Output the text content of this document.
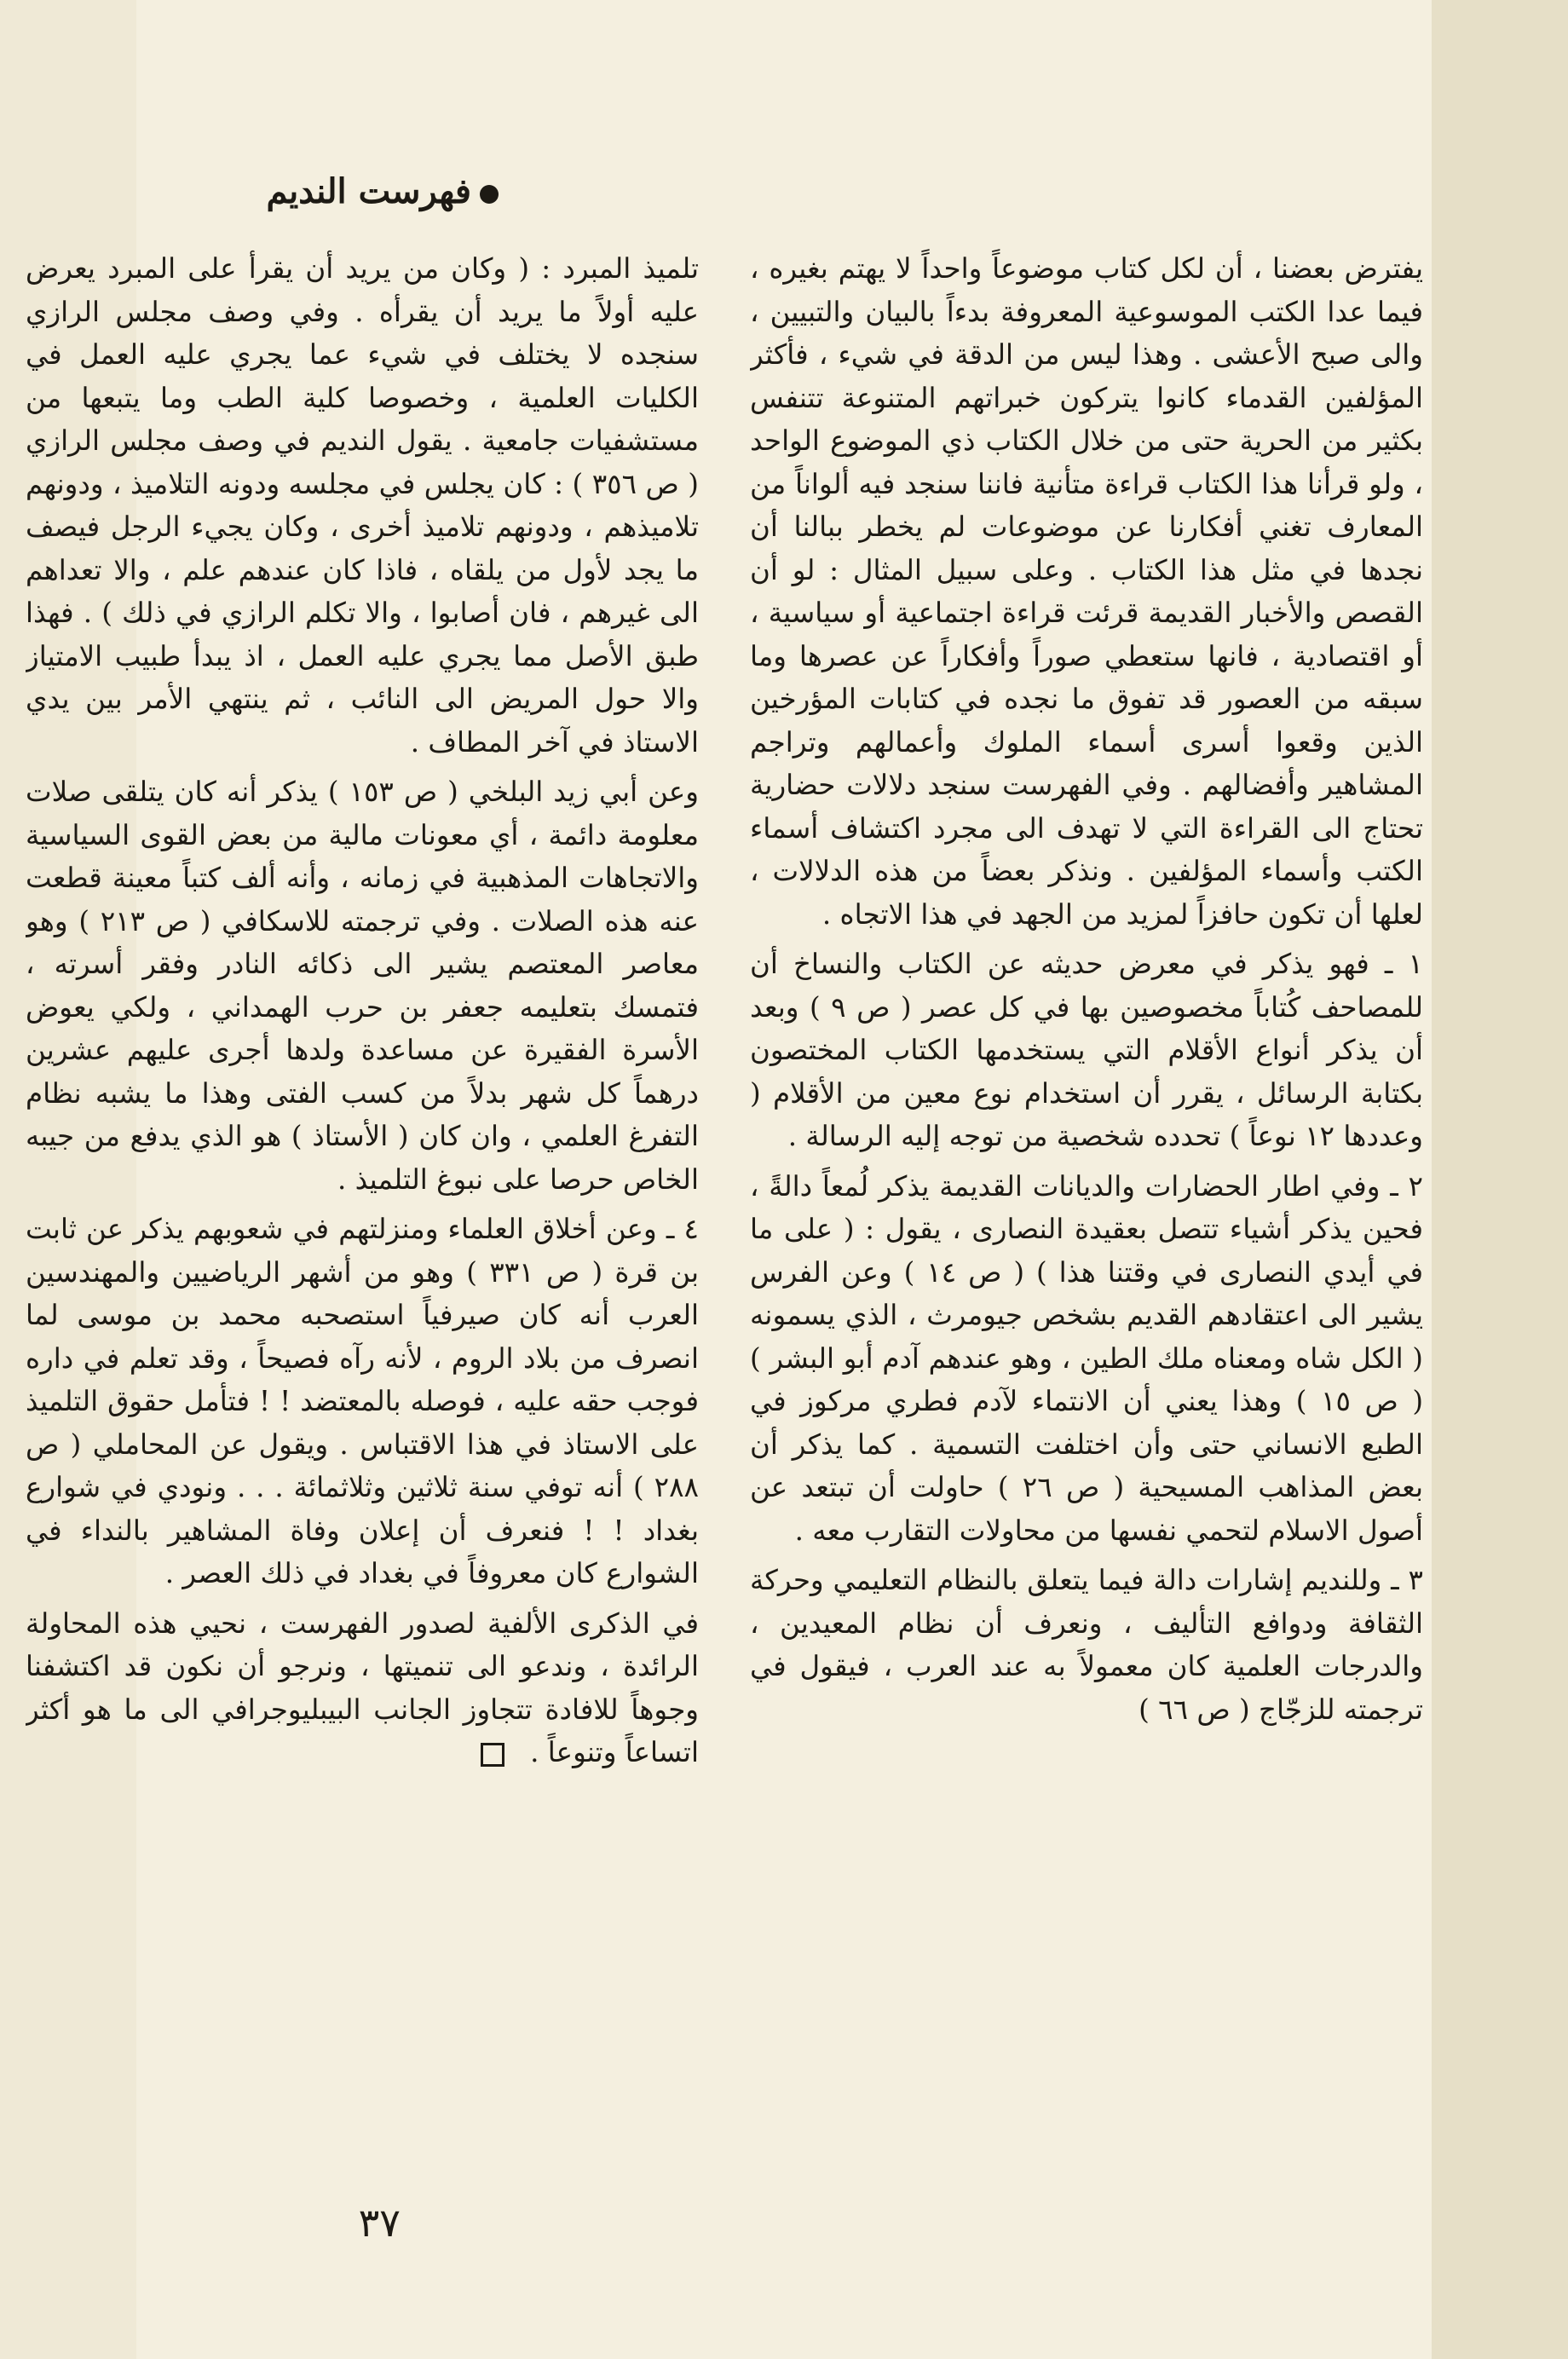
فهرست النديم

يفترض بعضنا ، أن لكل كتاب موضوعاً واحداً لا يهتم بغيره ، فيما عدا الكتب الموسوعية المعروفة بدءاً بالبيان والتبيين ، والى صبح الأعشى . وهذا ليس من الدقة في شيء ، فأكثر المؤلفين القدماء كانوا يتركون خبراتهم المتنوعة تتنفس بكثير من الحرية حتى من خلال الكتاب ذي الموضوع الواحد ، ولو قرأنا هذا الكتاب قراءة متأنية فاننا سنجد فيه ألواناً من المعارف تغني أفكارنا عن موضوعات لم يخطر ببالنا أن نجدها في مثل هذا الكتاب . وعلى سبيل المثال : لو أن القصص والأخبار القديمة قرئت قراءة اجتماعية أو سياسية ، أو اقتصادية ، فانها ستعطي صوراً وأفكاراً عن عصرها وما سبقه من العصور قد تفوق ما نجده في كتابات المؤرخين الذين وقعوا أسرى أسماء الملوك وأعمالهم وتراجم المشاهير وأفضالهم . وفي الفهرست سنجد دلالات حضارية تحتاج الى القراءة التي لا تهدف الى مجرد اكتشاف أسماء الكتب وأسماء المؤلفين . ونذكر بعضاً من هذه الدلالات ، لعلها أن تكون حافزاً لمزيد من الجهد في هذا الاتجاه .

١ ـ فهو يذكر في معرض حديثه عن الكتاب والنساخ أن للمصاحف كُتاباً مخصوصين بها في كل عصر ( ص ٩ ) وبعد أن يذكر أنواع الأقلام التي يستخدمها الكتاب المختصون بكتابة الرسائل ، يقرر أن استخدام نوع معين من الأقلام ( وعددها ١٢ نوعاً ) تحدده شخصية من توجه إليه الرسالة .

٢ ـ وفي اطار الحضارات والديانات القديمة يذكر لُمعاً دالةً ، فحين يذكر أشياء تتصل بعقيدة النصارى ، يقول : ( على ما في أيدي النصارى في وقتنا هذا ) ( ص ١٤ ) وعن الفرس يشير الى اعتقادهم القديم بشخص جيومرث ، الذي يسمونه ( الكل شاه ومعناه ملك الطين ، وهو عندهم آدم أبو البشر ) ( ص ١٥ ) وهذا يعني أن الانتماء لآدم فطري مركوز في الطبع الانساني حتى وأن اختلفت التسمية . كما يذكر أن بعض المذاهب المسيحية ( ص ٢٦ ) حاولت أن تبتعد عن أصول الاسلام لتحمي نفسها من محاولات التقارب معه .

٣ ـ وللنديم إشارات دالة فيما يتعلق بالنظام التعليمي وحركة الثقافة ودوافع التأليف ، ونعرف أن نظام المعيدين ، والدرجات العلمية كان معمولاً به عند العرب ، فيقول في ترجمته للزجّاج ( ص ٦٦ )

تلميذ المبرد : ( وكان من يريد أن يقرأ على المبرد يعرض عليه أولاً ما يريد أن يقرأه . وفي وصف مجلس الرازي سنجده لا يختلف في شيء عما يجري عليه العمل في الكليات العلمية ، وخصوصا كلية الطب وما يتبعها من مستشفيات جامعية . يقول النديم في وصف مجلس الرازي ( ص ٣٥٦ ) : كان يجلس في مجلسه ودونه التلاميذ ، ودونهم تلاميذهم ، ودونهم تلاميذ أخرى ، وكان يجيء الرجل فيصف ما يجد لأول من يلقاه ، فاذا كان عندهم علم ، والا تعداهم الى غيرهم ، فان أصابوا ، والا تكلم الرازي في ذلك ) . فهذا طبق الأصل مما يجري عليه العمل ، اذ يبدأ طبيب الامتياز والا حول المريض الى النائب ، ثم ينتهي الأمر بين يدي الاستاذ في آخر المطاف .

وعن أبي زيد البلخي ( ص ١٥٣ ) يذكر أنه كان يتلقى صلات معلومة دائمة ، أي معونات مالية من بعض القوى السياسية والاتجاهات المذهبية في زمانه ، وأنه ألف كتباً معينة قطعت عنه هذه الصلات . وفي ترجمته للاسكافي ( ص ٢١٣ ) وهو معاصر المعتصم يشير الى ذكائه النادر وفقر أسرته ، فتمسك بتعليمه جعفر بن حرب الهمداني ، ولكي يعوض الأسرة الفقيرة عن مساعدة ولدها أجرى عليهم عشرين درهماً كل شهر بدلاً من كسب الفتى وهذا ما يشبه نظام التفرغ العلمي ، وان كان ( الأستاذ ) هو الذي يدفع من جيبه الخاص حرصا على نبوغ التلميذ .

٤ ـ وعن أخلاق العلماء ومنزلتهم في شعوبهم يذكر عن ثابت بن قرة ( ص ٣٣١ ) وهو من أشهر الرياضيين والمهندسين العرب أنه كان صيرفياً استصحبه محمد بن موسى لما انصرف من بلاد الروم ، لأنه رآه فصيحاً ، وقد تعلم في داره فوجب حقه عليه ، فوصله بالمعتضد ! ! فتأمل حقوق التلميذ على الاستاذ في هذا الاقتباس . ويقول عن المحاملي ( ص ٢٨٨ ) أنه توفي سنة ثلاثين وثلاثمائة . . . ونودي في شوارع بغداد ! ! فنعرف أن إعلان وفاة المشاهير بالنداء في الشوارع كان معروفاً في بغداد في ذلك العصر .

في الذكرى الألفية لصدور الفهرست ، نحيي هذه المحاولة الرائدة ، وندعو الى تنميتها ، ونرجو أن نكون قد اكتشفنا وجوهاً للافادة تتجاوز الجانب البيبليوجرافي الى ما هو أكثر اتساعاً وتنوعاً .

٣٧
